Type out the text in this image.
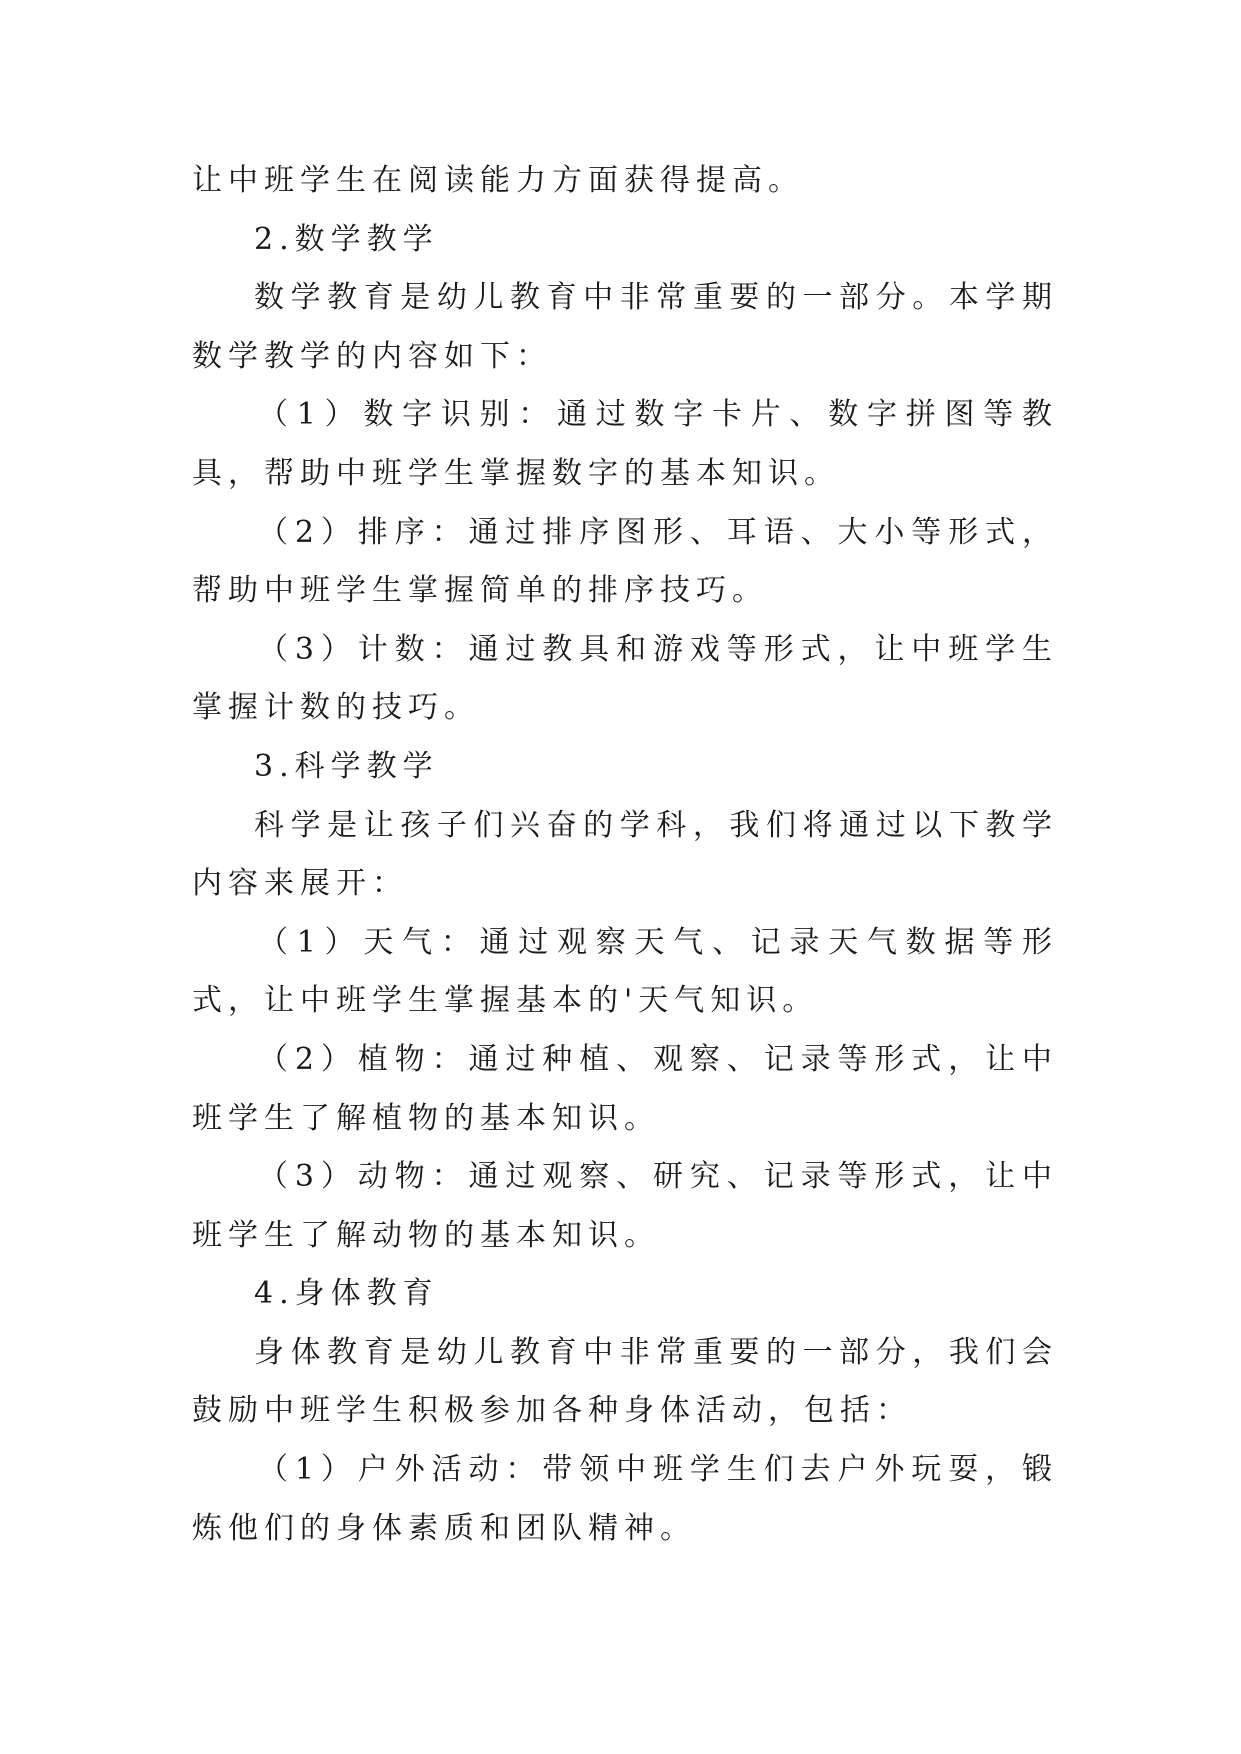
让中班学生在阅读能力方面获得提高。

2.数学教学

数学教育是幼儿教育中非常重要的一部分。本学期数学教学的内容如下：

（1）数字识别：通过数字卡片、数字拼图等教具，帮助中班学生掌握数字的基本知识。

（2）排序：通过排序图形、耳语、大小等形式，帮助中班学生掌握简单的排序技巧。

（3）计数：通过教具和游戏等形式，让中班学生掌握计数的技巧。

3.科学教学

科学是让孩子们兴奋的学科，我们将通过以下教学内容来展开：

（1）天气：通过观察天气、记录天气数据等形式，让中班学生掌握基本的'天气知识。

（2）植物：通过种植、观察、记录等形式，让中班学生了解植物的基本知识。

（3）动物：通过观察、研究、记录等形式，让中班学生了解动物的基本知识。

4.身体教育

身体教育是幼儿教育中非常重要的一部分，我们会鼓励中班学生积极参加各种身体活动，包括：

（1）户外活动：带领中班学生们去户外玩耍，锻炼他们的身体素质和团队精神。
